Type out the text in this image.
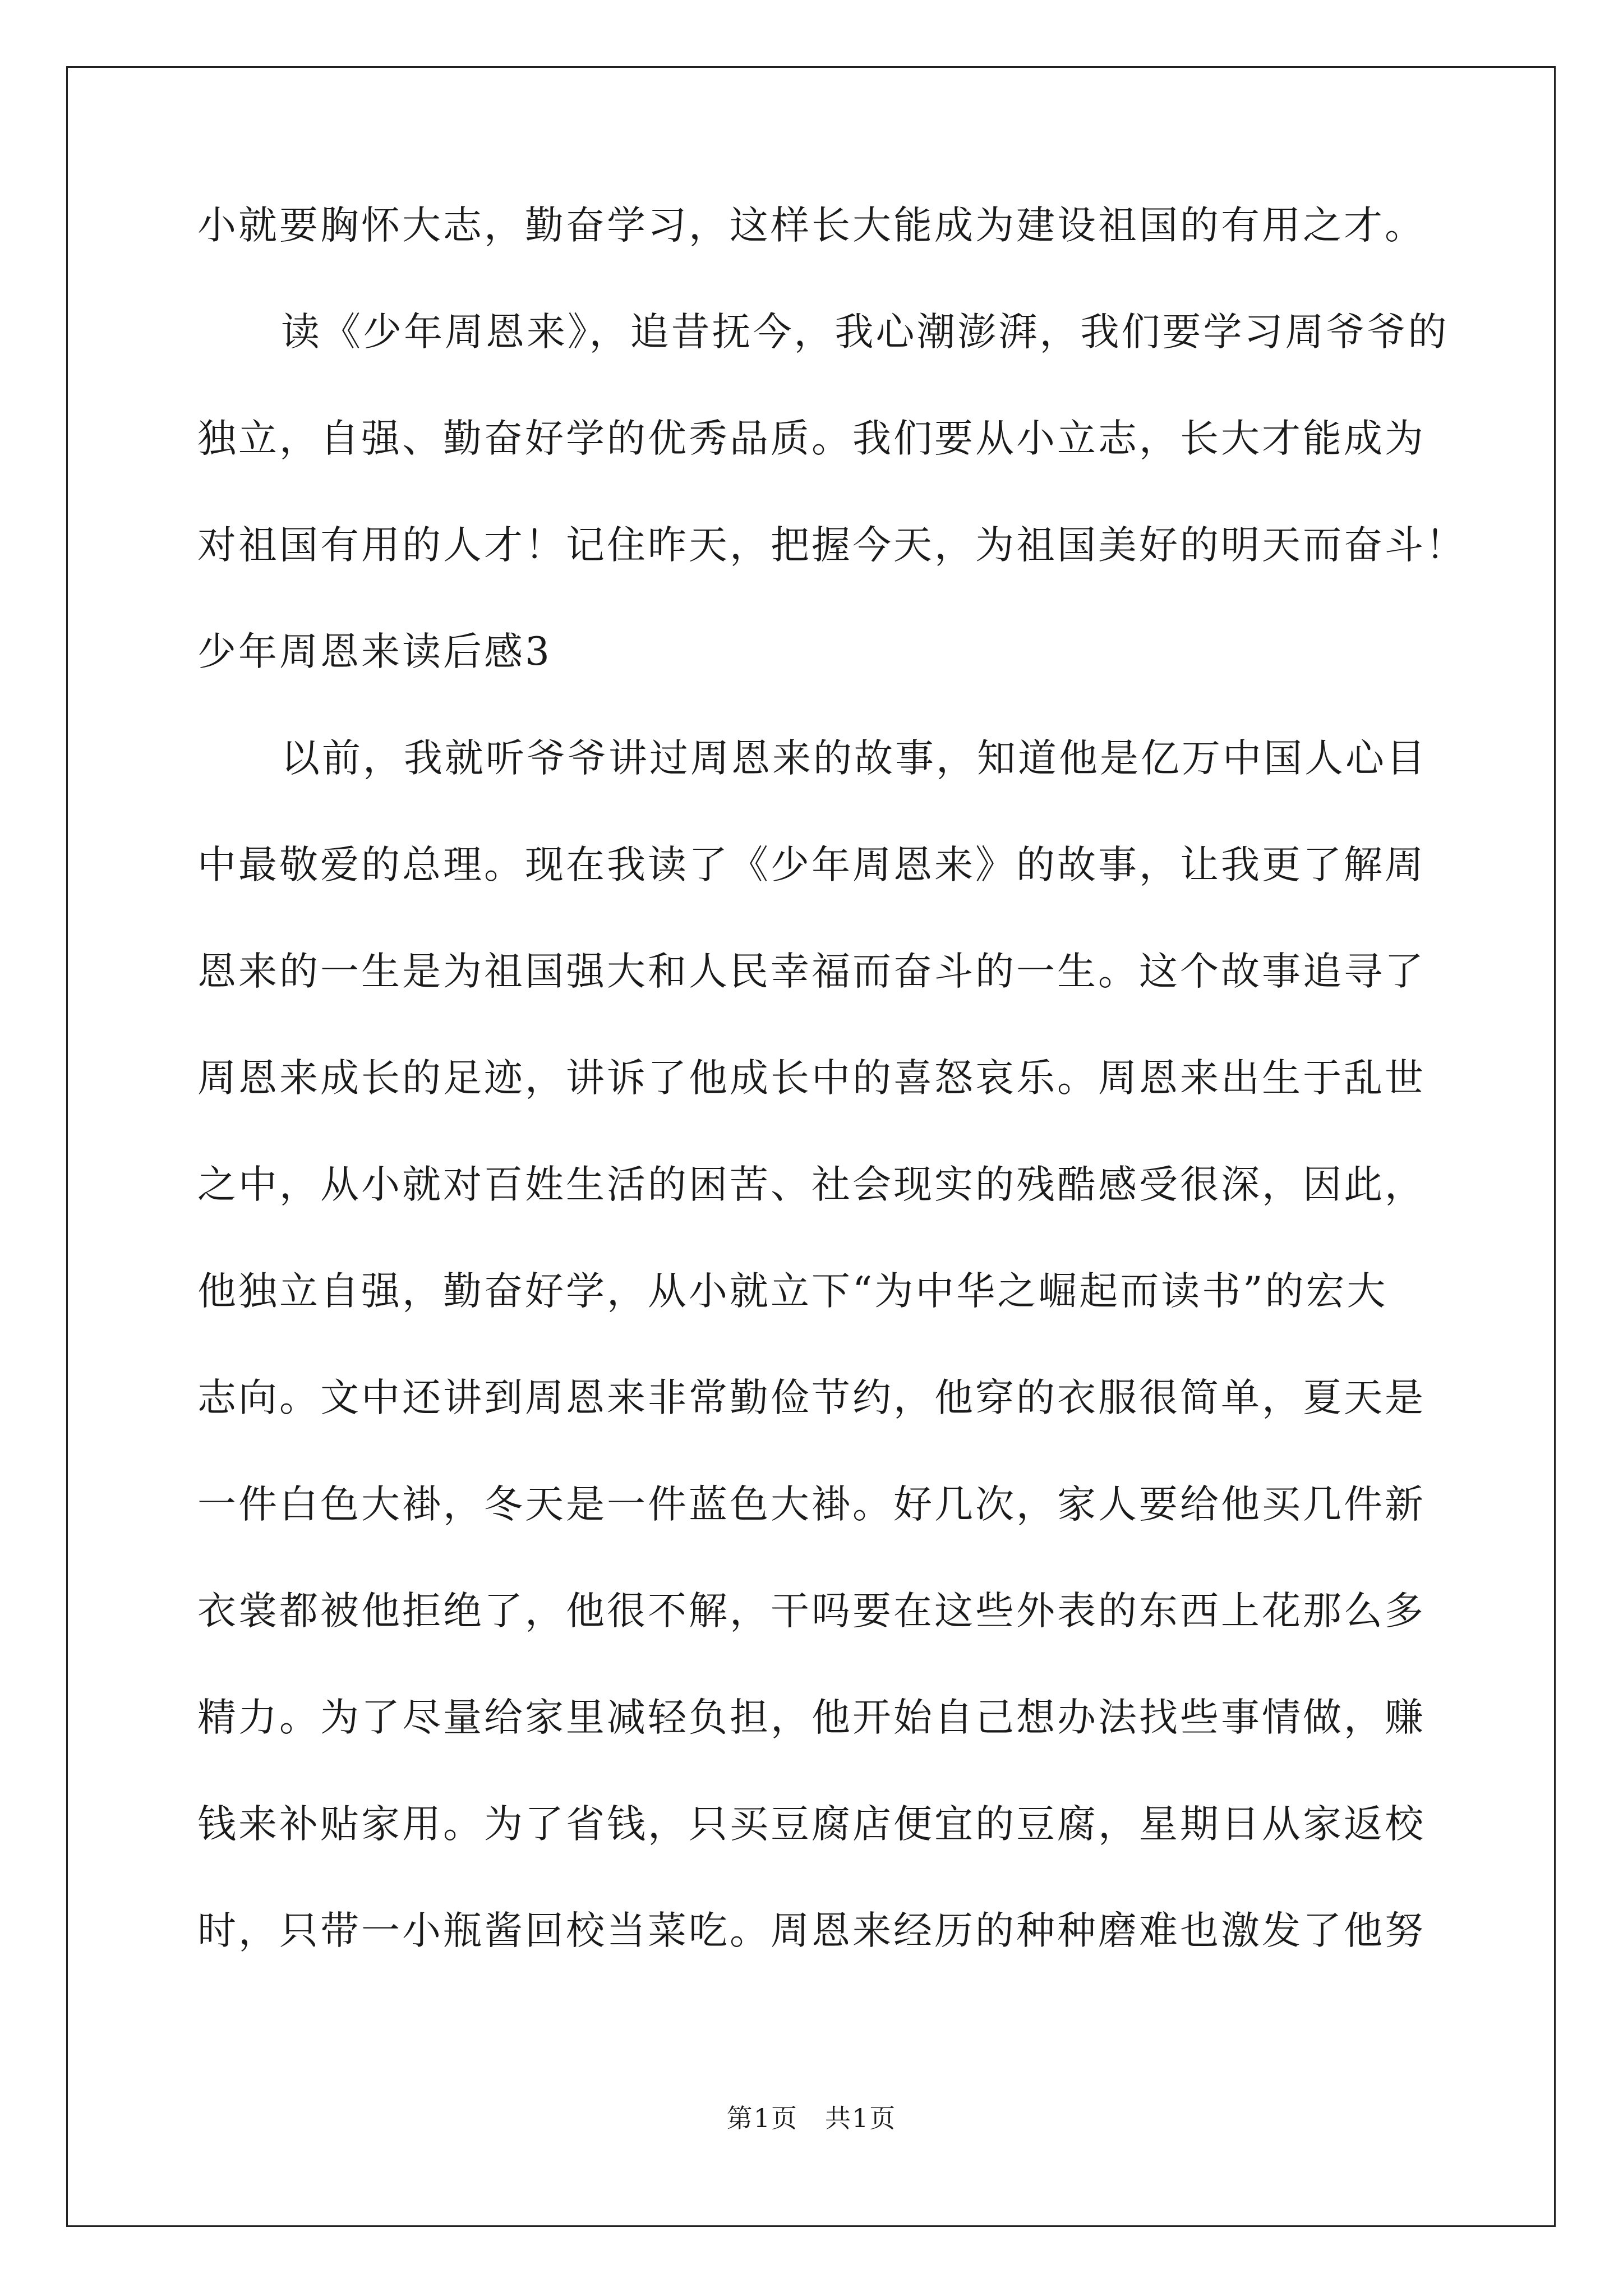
小就要胸怀大志，勤奋学习，这样长大能成为建设祖国的有用之才。
读《少年周恩来》，追昔抚今，我心潮澎湃，我们要学习周爷爷的
独立，自强、勤奋好学的优秀品质。我们要从小立志，长大才能成为
对祖国有用的人才！记住昨天，把握今天，为祖国美好的明天而奋斗！
少年周恩来读后感3
以前，我就听爷爷讲过周恩来的故事，知道他是亿万中国人心目
中最敬爱的总理。现在我读了《少年周恩来》的故事，让我更了解周
恩来的一生是为祖国强大和人民幸福而奋斗的一生。这个故事追寻了
周恩来成长的足迹，讲诉了他成长中的喜怒哀乐。周恩来出生于乱世
之中，从小就对百姓生活的困苦、社会现实的残酷感受很深，因此，
他独立自强，勤奋好学，从小就立下“为中华之崛起而读书”的宏大
志向。文中还讲到周恩来非常勤俭节约，他穿的衣服很简单，夏天是
一件白色大褂，冬天是一件蓝色大褂。好几次，家人要给他买几件新
衣裳都被他拒绝了，他很不解，干吗要在这些外表的东西上花那么多
精力。为了尽量给家里减轻负担，他开始自己想办法找些事情做，赚
钱来补贴家用。为了省钱，只买豆腐店便宜的豆腐，星期日从家返校
时，只带一小瓶酱回校当菜吃。周恩来经历的种种磨难也激发了他努
第1页　共1页
